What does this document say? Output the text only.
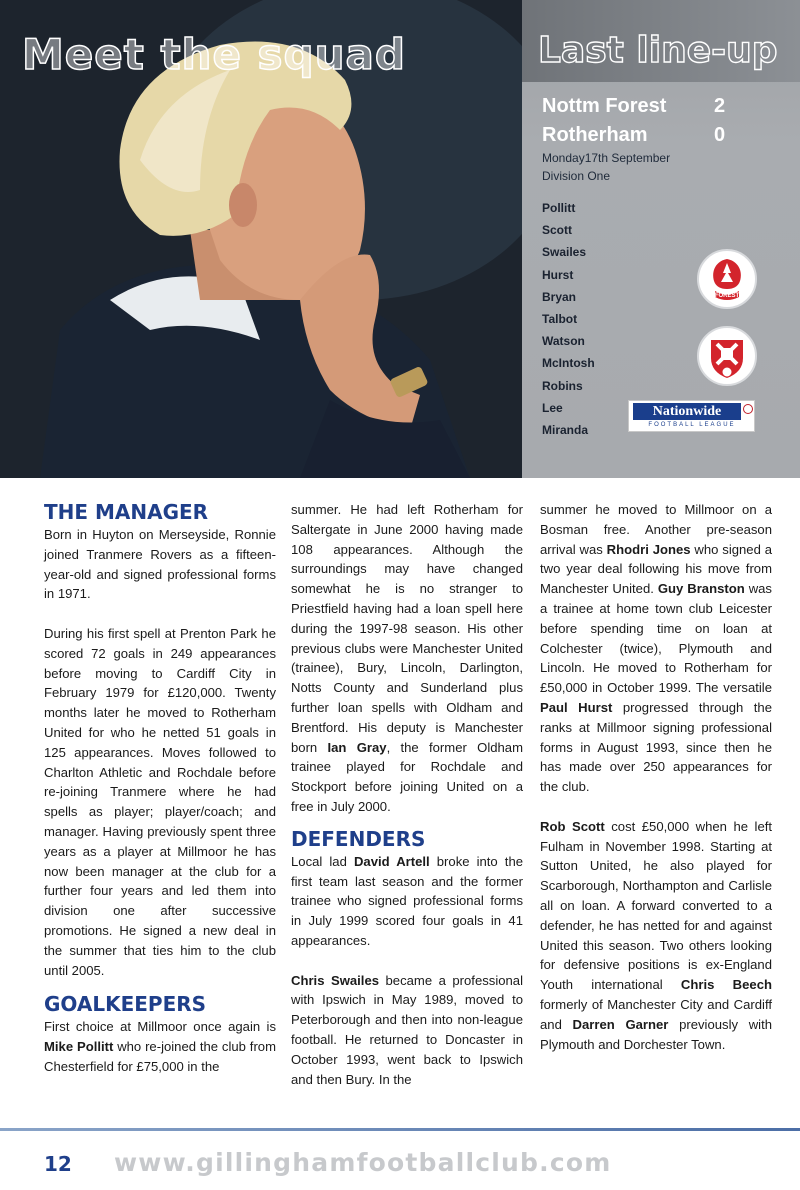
Meet the squad	Last line-up
Nottm Forest 2
Rotherham	0
Monday17th September
Division One
Pollitt
Scott
Swailes
Hurst
Bryan
Talbot
Watson
McIntosh
Robins
Lee
Miranda
FOREST
Nationwide
FOOTBALL LEAGUE
THE MANAGER

Born in Huyton on Merseyside, Ronnie joined Tranmere Rovers as a fifteen-year-old and signed professional forms in 1971.

During his first spell at Prenton Park he scored 72 goals in 249 appearances before moving to Cardiff City in February 1979 for £120,000. Twenty months later he moved to Rotherham United for who he netted 51 goals in 125 appearances. Moves followed to Charlton Athletic and Rochdale before re-joining Tranmere where he had spells as player; player/coach; and manager. Having previously spent three years as a player at Millmoor he has now been manager at the club for a further four years and led them into division one after successive promotions. He signed a new deal in the summer that ties him to the club until 2005.

GOALKEEPERS

First choice at Millmoor once again is Mike Pollitt who re-joined the club from Chesterfield for £75,000 in the

summer. He had left Rotherham for Saltergate in June 2000 having made 108 appearances. Although the surroundings may have changed somewhat he is no stranger to Priestfield having had a loan spell here during the 1997-98 season. His other previous clubs were Manchester United (trainee), Bury, Lincoln, Darlington, Notts County and Sunderland plus further loan spells with Oldham and Brentford. His deputy is Manchester born Ian Gray, the former Oldham trainee played for Rochdale and Stockport before joining United on a free in July 2000.

DEFENDERS

Local lad David Artell broke into the first team last season and the former trainee who signed professional forms in July 1999 scored four goals in 41 appearances.

Chris Swailes became a professional with Ipswich in May 1989, moved to Peterborough and then into non-league football. He returned to Doncaster in October 1993, went back to Ipswich and then Bury. In the

summer he moved to Millmoor on a Bosman free. Another pre-season arrival was Rhodri Jones who signed a two year deal following his move from Manchester United. Guy Branston was a trainee at home town club Leicester before spending time on loan at Colchester (twice), Plymouth and Lincoln. He moved to Rotherham for £50,000 in October 1999. The versatile Paul Hurst progressed through the ranks at Millmoor signing professional forms in August 1993, since then he has made over 250 appearances for the club.

Rob Scott cost £50,000 when he left Fulham in November 1998. Starting at Sutton United, he also played for Scarborough, Northampton and Carlisle all on loan. A forward converted to a defender, he has netted for and against United this season. Two others looking for defensive positions is ex-England Youth international Chris Beech formerly of Manchester City and Cardiff and Darren Garner previously with Plymouth and Dorchester Town.

12 www.gillinghamfootballclub.com
